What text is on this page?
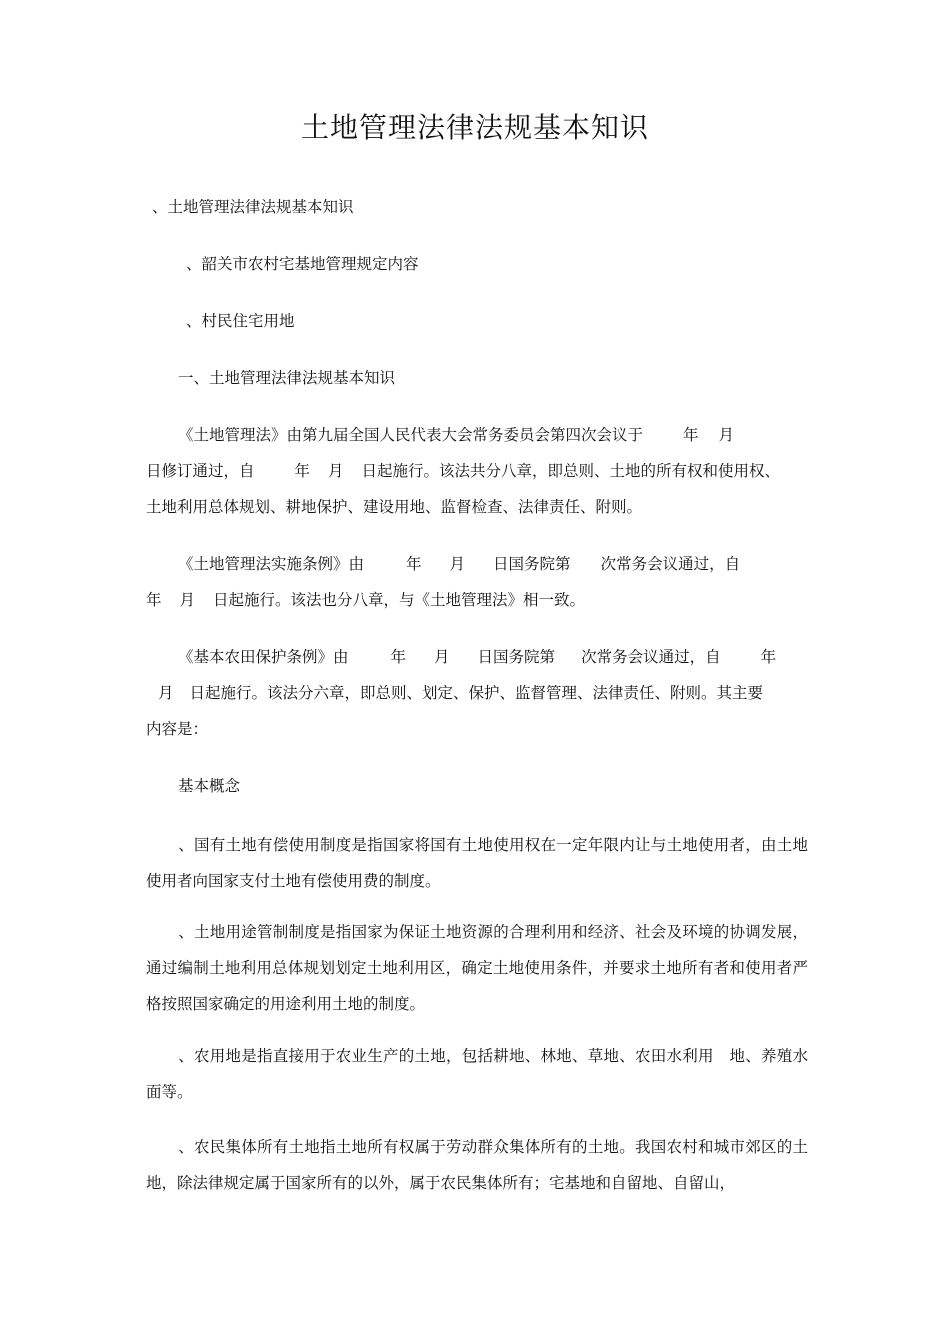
土地管理法律法规基本知识
、土地管理法律法规基本知识
、韶关市农村宅基地管理规定内容
、村民住宅用地
一、土地管理法律法规基本知识
《土地管理法》由第九届全国人民代表大会常务委员会第四次会议于	年 月
日修订通过，自	年 月 日起施行。该法共分八章，即总则、土地的所有权和使用权、
土地利用总体规划、耕地保护、建设用地、监督检查、法律责任、附则。
《土地管理法实施条例》由	年 月 日国务院第 次常务会议通过，自
年 月 日起施行。该法也分八章，与《土地管理法》相一致。
《基本农田保护条例》由	年 月 日国务院第 次常务会议通过，自	年
月 日起施行。该法分六章，即总则、划定、保护、监督管理、法律责任、附则。其主要
内容是：
基本概念
、国有土地有偿使用制度是指国家将国有土地使用权在一定年限内让与土地使用者，由土地使用者向国家支付土地有偿使用费的制度。
、土地用途管制制度是指国家为保证土地资源的合理利用和经济、社会及环境的协调发展，通过编制土地利用总体规划划定土地利用区，确定土地使用条件，并要求土地所有者和使用者严格按照国家确定的用途利用土地的制度。
、农用地是指直接用于农业生产的土地，包括耕地、林地、草地、农田水利用　地、养殖水面等。
、农民集体所有土地指土地所有权属于劳动群众集体所有的土地。我国农村和城市郊区的土地，除法律规定属于国家所有的以外，属于农民集体所有；宅基地和自留地、自留山，
